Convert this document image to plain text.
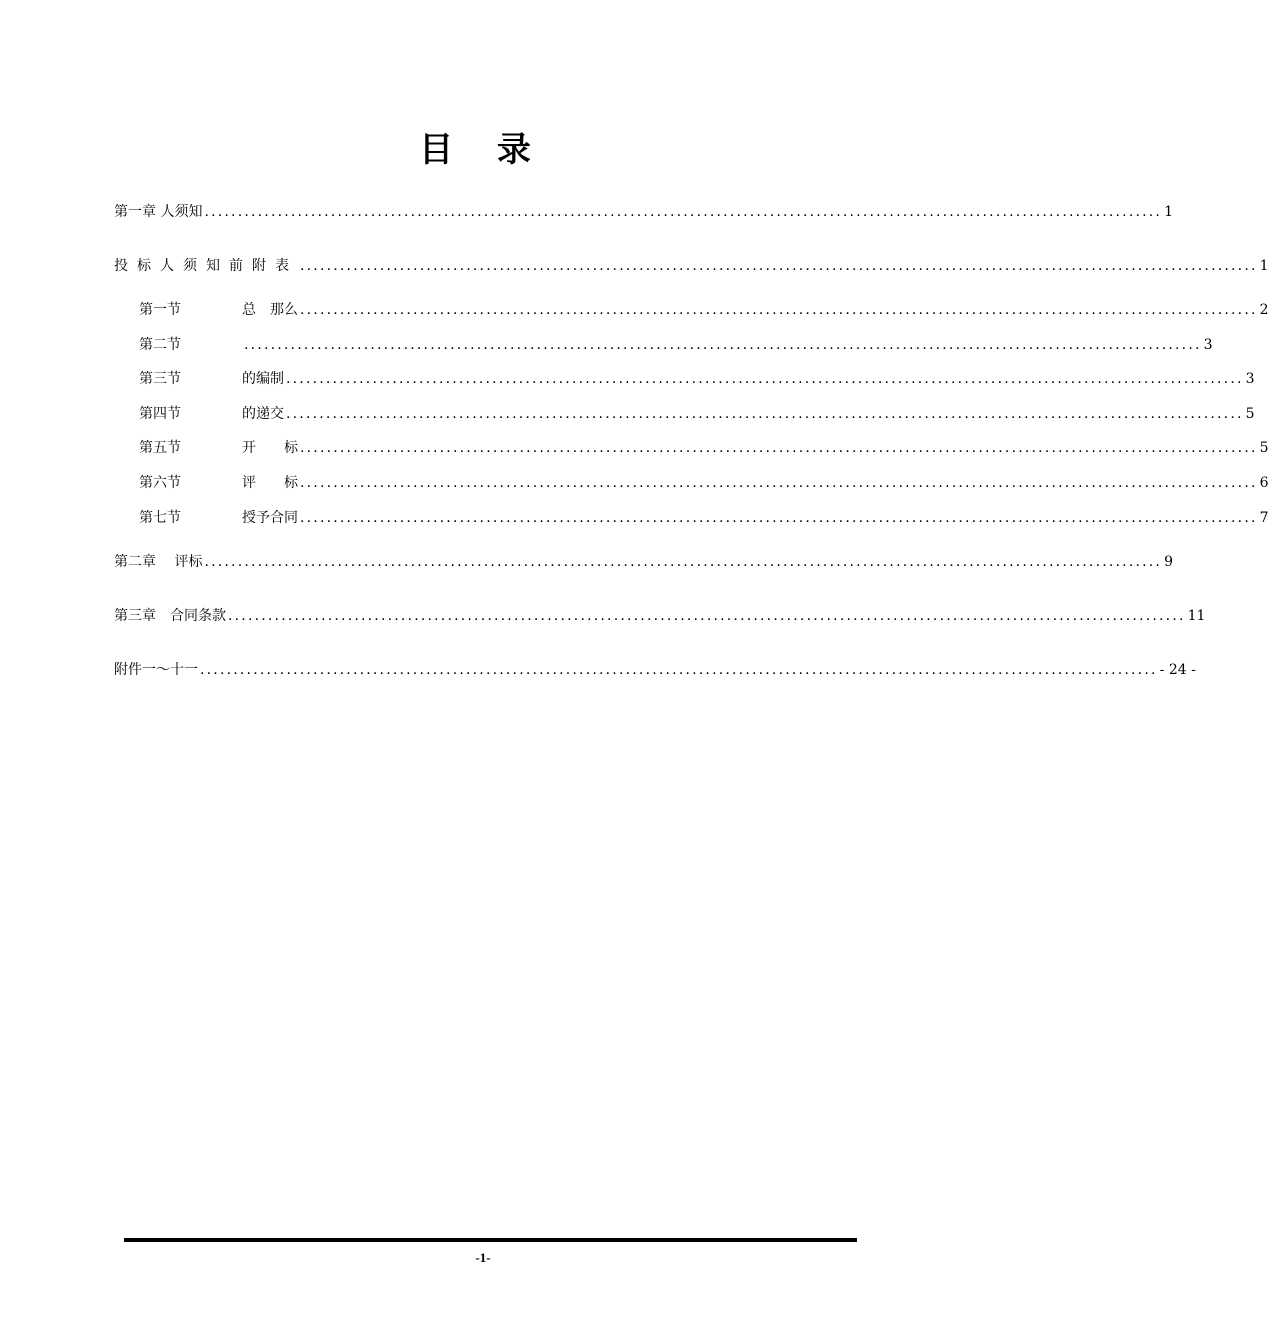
目 录
第一章 人须知 ................................................................................................................................................ 1
投标人须知前附表 ................................................................................................................................................ 1
第一节	总　那么 ................................................................................................................................................ 2
第二节	................................................................................................................................................ 3
第三节	的编制 ................................................................................................................................................ 3
第四节	的递交 ................................................................................................................................................ 5
第五节	开　　标 ................................................................................................................................................ 5
第六节	评　　标 ................................................................................................................................................ 6
第七节	授予合同 ................................................................................................................................................ 7
第二章　 评标 ................................................................................................................................................ 9
第三章　合同条款 ................................................................................................................................................ 11
附件一～十一 ................................................................................................................................................ - 24 -
-1-
